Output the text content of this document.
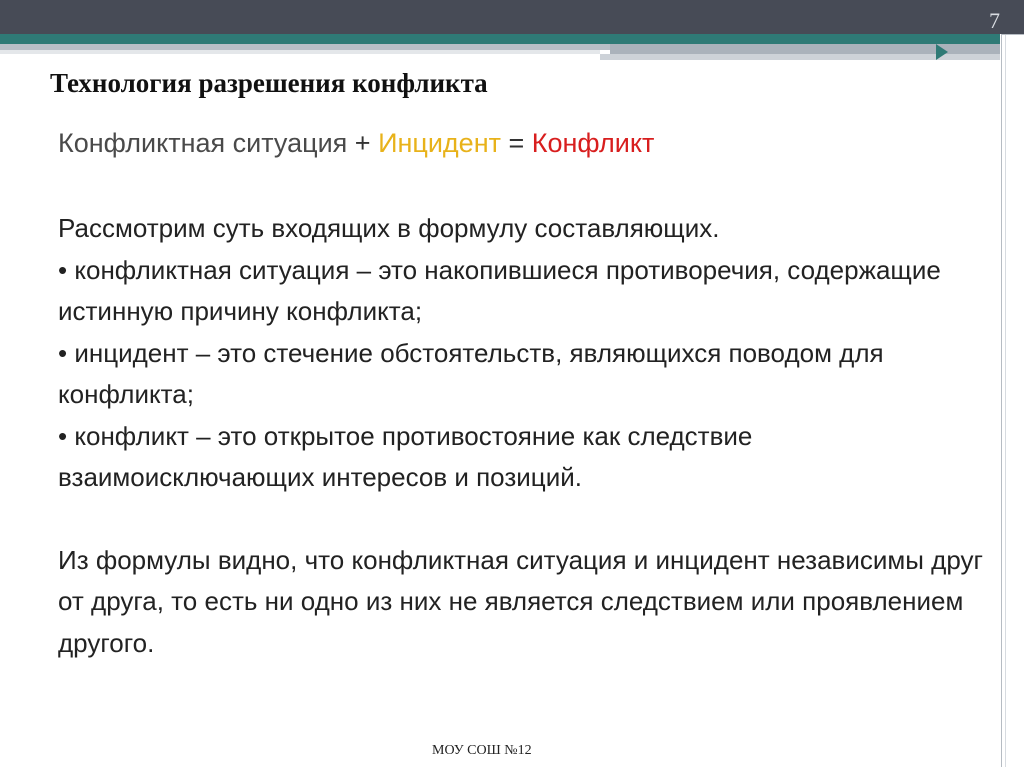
7
Технология разрешения конфликта
Конфликтная ситуация + Инцидент = Конфликт

Рассмотрим суть входящих в формулу составляющих.

• конфликтная ситуация – это накопившиеся противоречия, содержащие истинную причину конфликта;

• инцидент – это стечение обстоятельств, являющихся поводом для конфликта;

• конфликт – это открытое противостояние как следствие взаимоисключающих интересов и позиций.

Из формулы видно, что конфликтная ситуация и инцидент независимы друг от друга, то есть ни одно из них не является следствием или проявлением другого.

МОУ СОШ №12
